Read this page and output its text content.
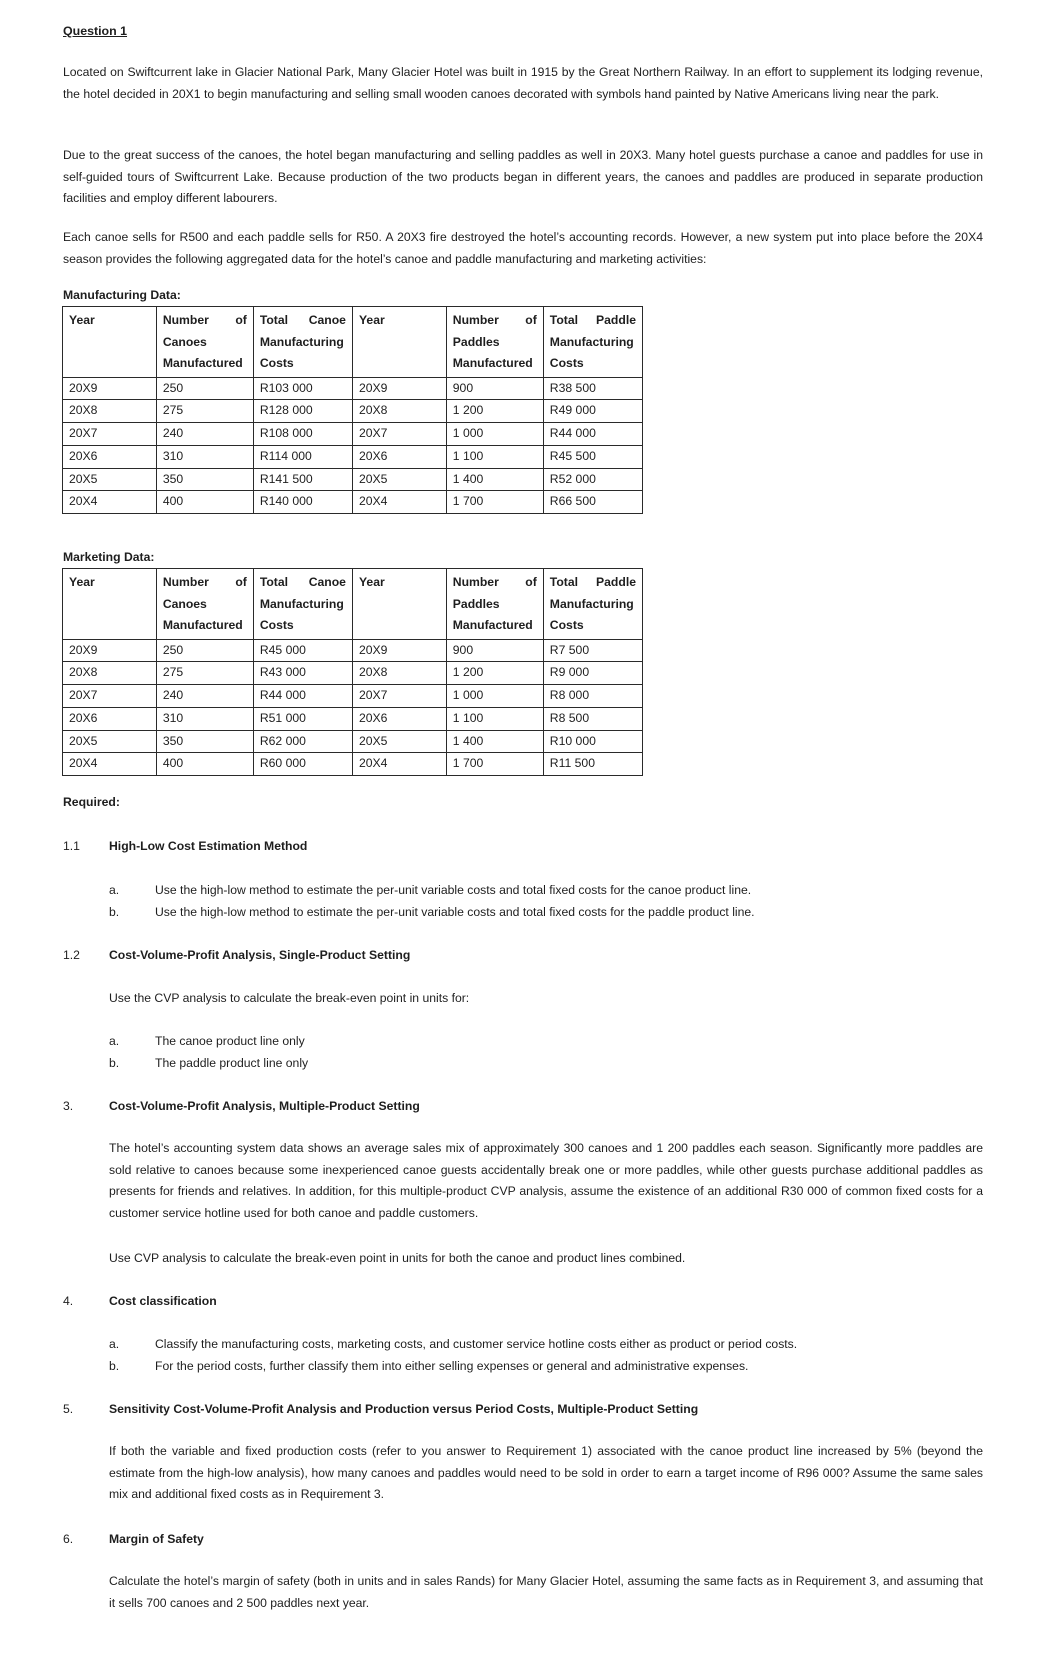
Question 1
Located on Swiftcurrent lake in Glacier National Park, Many Glacier Hotel was built in 1915 by the Great Northern Railway. In an effort to supplement its lodging revenue, the hotel decided in 20X1 to begin manufacturing and selling small wooden canoes decorated with symbols hand painted by Native Americans living near the park.
Due to the great success of the canoes, the hotel began manufacturing and selling paddles as well in 20X3. Many hotel guests purchase a canoe and paddles for use in self-guided tours of Swiftcurrent Lake. Because production of the two products began in different years, the canoes and paddles are produced in separate production facilities and employ different labourers.
Each canoe sells for R500 and each paddle sells for R50. A 20X3 fire destroyed the hotel’s accounting records. However, a new system put into place before the 20X4 season provides the following aggregated data for the hotel’s canoe and paddle manufacturing and marketing activities:
Manufacturing Data:
Year	Number of Canoes Manufactured	Total Canoe Manufacturing Costs	Year	Number of Paddles Manufactured	Total Paddle Manufacturing Costs
20X9	250	R103 000	20X9	900	R38 500
20X8	275	R128 000	20X8	1 200	R49 000
20X7	240	R108 000	20X7	1 000	R44 000
20X6	310	R114 000	20X6	1 100	R45 500
20X5	350	R141 500	20X5	1 400	R52 000
20X4	400	R140 000	20X4	1 700	R66 500
Marketing Data:
Year	Number of Canoes Manufactured	Total Canoe Manufacturing Costs	Year	Number of Paddles Manufactured	Total Paddle Manufacturing Costs
20X9	250	R45 000	20X9	900	R7 500
20X8	275	R43 000	20X8	1 200	R9 000
20X7	240	R44 000	20X7	1 000	R8 000
20X6	310	R51 000	20X6	1 100	R8 500
20X5	350	R62 000	20X5	1 400	R10 000
20X4	400	R60 000	20X4	1 700	R11 500
Required:
1.1 High-Low Cost Estimation Method
a.	Use the high-low method to estimate the per-unit variable costs and total fixed costs for the canoe product line.
b.	Use the high-low method to estimate the per-unit variable costs and total fixed costs for the paddle product line.
1.2 Cost-Volume-Profit Analysis, Single-Product Setting
Use the CVP analysis to calculate the break-even point in units for:
a.	The canoe product line only
b.	The paddle product line only
3.	Cost-Volume-Profit Analysis, Multiple-Product Setting
The hotel’s accounting system data shows an average sales mix of approximately 300 canoes and 1 200 paddles each season. Significantly more paddles are sold relative to canoes because some inexperienced canoe guests accidentally break one or more paddles, while other guests purchase additional paddles as presents for friends and relatives. In addition, for this multiple-product CVP analysis, assume the existence of an additional R30 000 of common fixed costs for a customer service hotline used for both canoe and paddle customers.
Use CVP analysis to calculate the break-even point in units for both the canoe and product lines combined.
4.	Cost classification
a.	Classify the manufacturing costs, marketing costs, and customer service hotline costs either as product or period costs.
b.	For the period costs, further classify them into either selling expenses or general and administrative expenses.
5.	Sensitivity Cost-Volume-Profit Analysis and Production versus Period Costs, Multiple-Product Setting
If both the variable and fixed production costs (refer to you answer to Requirement 1) associated with the canoe product line increased by 5% (beyond the estimate from the high-low analysis), how many canoes and paddles would need to be sold in order to earn a target income of R96 000? Assume the same sales mix and additional fixed costs as in Requirement 3.
6.	Margin of Safety
Calculate the hotel’s margin of safety (both in units and in sales Rands) for Many Glacier Hotel, assuming the same facts as in Requirement 3, and assuming that it sells 700 canoes and 2 500 paddles next year.
